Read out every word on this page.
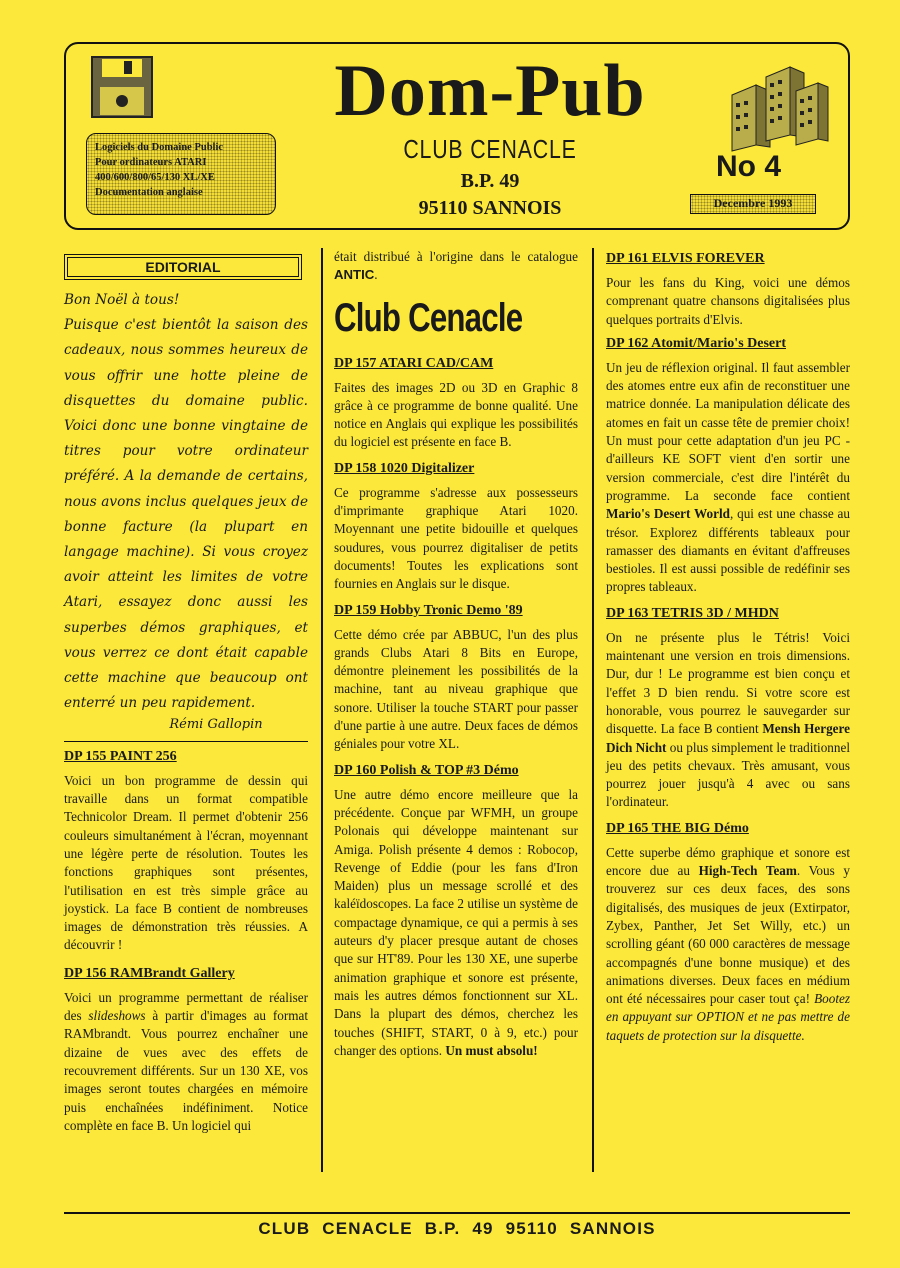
Logiciels du Domaine Public
Pour ordinateurs ATARI
400/600/800/65/130 XL/XE
Documentation anglaise
Dom-Pub
CLUB CENACLE
B.P. 49
95110 SANNOIS
No 4
Decembre 1993
EDITORIAL
Bon Noël à tous!
Puisque c'est bientôt la saison des cadeaux, nous sommes heureux de vous offrir une hotte pleine de disquettes du domaine public. Voici donc une bonne vingtaine de titres pour votre ordinateur préféré. A la demande de certains, nous avons inclus quelques jeux de bonne facture (la plupart en langage machine). Si vous croyez avoir atteint les limites de votre Atari, essayez donc aussi les superbes démos graphiques, et vous verrez ce dont était capable cette machine que beaucoup ont enterré un peu rapidement.
Rémi Gallopin
DP 155 PAINT 256

Voici un bon programme de dessin qui travaille dans un format compatible Technicolor Dream. Il permet d'obtenir 256 couleurs simultanément à l'écran, moyennant une légère perte de résolution. Toutes les fonctions graphiques sont présentes, l'utilisation en est très simple grâce au joystick. La face B contient de nombreuses images de démonstration très réussies. A découvrir !

DP 156 RAMBrandt Gallery

Voici un programme permettant de réaliser des slideshows à partir d'images au format RAMbrandt. Vous pourrez enchaîner une dizaine de vues avec des effets de recouvrement différents. Sur un 130 XE, vos images seront toutes chargées en mémoire puis enchaînées indéfiniment. Notice complète en face B. Un logiciel qui

était distribué à l'origine dans le catalogue ANTIC.

Club Cenacle
DP 157 ATARI CAD/CAM

Faites des images 2D ou 3D en Graphic 8 grâce à ce programme de bonne qualité. Une notice en Anglais qui explique les possibilités du logiciel est présente en face B.

DP 158 1020 Digitalizer

Ce programme s'adresse aux possesseurs d'imprimante graphique Atari 1020. Moyennant une petite bidouille et quelques soudures, vous pourrez digitaliser de petits documents! Toutes les explications sont fournies en Anglais sur le disque.

DP 159 Hobby Tronic Demo '89

Cette démo crée par ABBUC, l'un des plus grands Clubs Atari 8 Bits en Europe, démontre pleinement les possibilités de la machine, tant au niveau graphique que sonore. Utiliser la touche START pour passer d'une partie à une autre. Deux faces de démos géniales pour votre XL.

DP 160 Polish & TOP #3 Démo

Une autre démo encore meilleure que la précédente. Conçue par WFMH, un groupe Polonais qui développe maintenant sur Amiga. Polish présente 4 demos : Robocop, Revenge of Eddie (pour les fans d'Iron Maiden) plus un message scrollé et des kaléïdoscopes. La face 2 utilise un système de compactage dynamique, ce qui a permis à ses auteurs d'y placer presque autant de choses que sur HT'89. Pour les 130 XE, une superbe animation graphique et sonore est présente, mais les autres démos fonctionnent sur XL. Dans la plupart des démos, cherchez les touches (SHIFT, START, 0 à 9, etc.) pour changer des options. Un must absolu!

DP 161 ELVIS FOREVER

Pour les fans du King, voici une démos comprenant quatre chansons digitalisées plus quelques portraits d'Elvis.

DP 162 Atomit/Mario's Desert

Un jeu de réflexion original. Il faut assembler des atomes entre eux afin de reconstituer une matrice donnée. La manipulation délicate des atomes en fait un casse tête de premier choix! Un must pour cette adaptation d'un jeu PC - d'ailleurs KE SOFT vient d'en sortir une version commerciale, c'est dire l'intérêt du programme. La seconde face contient Mario's Desert World, qui est une chasse au trésor. Explorez différents tableaux pour ramasser des diamants en évitant d'affreuses bestioles. Il est aussi possible de redéfinir ses propres tableaux.

DP 163 TETRIS 3D / MHDN

On ne présente plus le Tétris! Voici maintenant une version en trois dimensions. Dur, dur ! Le programme est bien conçu et l'effet 3 D bien rendu. Si votre score est honorable, vous pourrez le sauvegarder sur disquette. La face B contient Mensh Hergere Dich Nicht ou plus simplement le traditionnel jeu des petits chevaux. Très amusant, vous pourrez jouer jusqu'à 4 avec ou sans l'ordinateur.

DP 165 THE BIG Démo

Cette superbe démo graphique et sonore est encore due au High-Tech Team. Vous y trouverez sur ces deux faces, des sons digitalisés, des musiques de jeux (Extirpator, Zybex, Panther, Jet Set Willy, etc.) un scrolling géant (60 000 caractères de message accompagnés d'une bonne musique) et des animations diverses. Deux faces en médium ont été nécessaires pour caser tout ça! Bootez en appuyant sur OPTION et ne pas mettre de taquets de protection sur la disquette.

CLUB CENACLE B.P. 49 95110 SANNOIS
